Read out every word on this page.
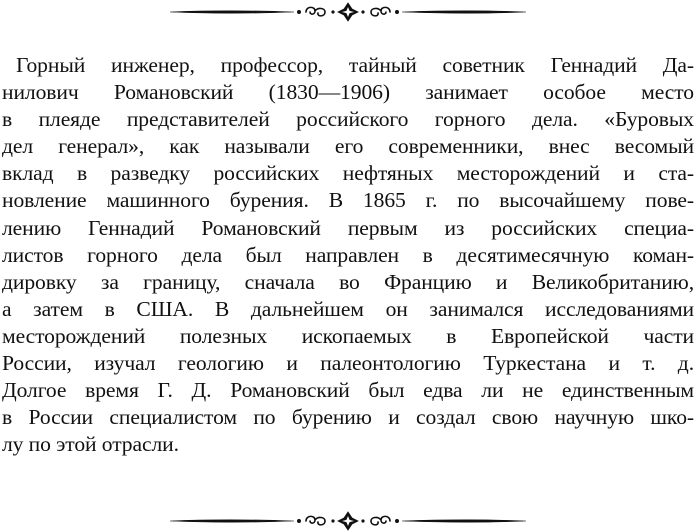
Горный инженер, профессор, тайный советник Геннадий Да-
нилович Романовский (1830—1906) занимает особое место
в плеяде представителей российского горного дела. «Буровых
дел генерал», как называли его современники, внес весомый
вклад в разведку российских нефтяных месторождений и ста-
новление машинного бурения. В 1865 г. по высочайшему пове-
лению Геннадий Романовский первым из российских специа-
листов горного дела был направлен в десятимесячную коман-
дировку за границу, сначала во Францию и Великобританию,
а затем в США. В дальнейшем он занимался исследованиями
месторождений полезных ископаемых в Европейской части
России, изучал геологию и палеонтологию Туркестана и т. д.
Долгое время Г. Д. Романовский был едва ли не единственным
в России специалистом по бурению и создал свою научную шко-
лу по этой отрасли.
